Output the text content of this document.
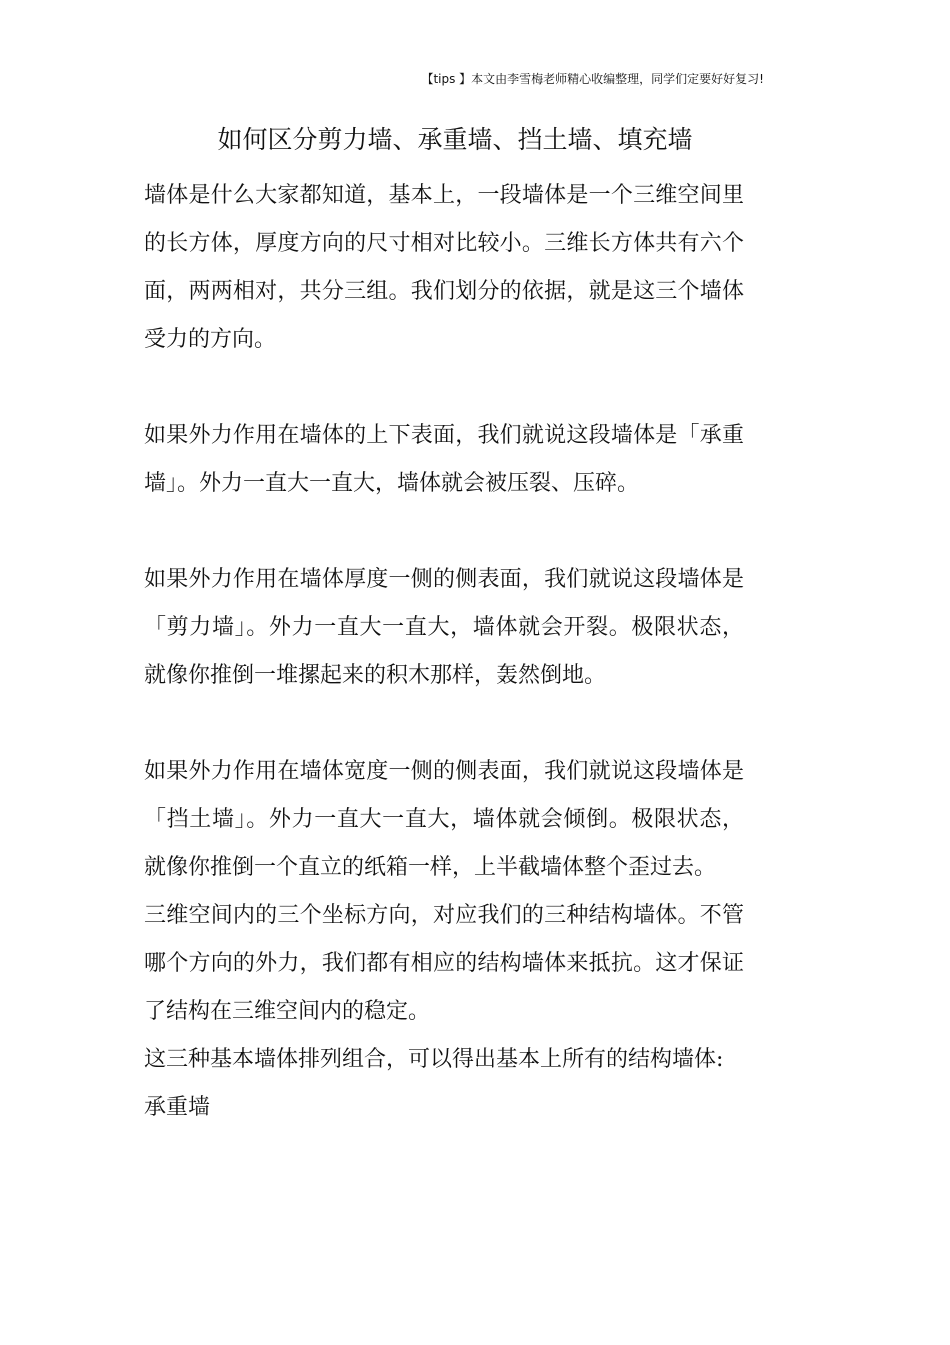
【tips 】本文由李雪梅老师精心收编整理，同学们定要好好复习!
如何区分剪力墙、承重墙、挡土墙、填充墙

墙体是什么大家都知道，基本上，一段墙体是一个三维空间里的长方体，厚度方向的尺寸相对比较小。三维长方体共有六个面，两两相对，共分三组。我们划分的依据，就是这三个墙体受力的方向。

如果外力作用在墙体的上下表面，我们就说这段墙体是「承重墙」。外力一直大一直大，墙体就会被压裂、压碎。

如果外力作用在墙体厚度一侧的侧表面，我们就说这段墙体是「剪力墙」。外力一直大一直大，墙体就会开裂。极限状态，就像你推倒一堆摞起来的积木那样，轰然倒地。

如果外力作用在墙体宽度一侧的侧表面，我们就说这段墙体是「挡土墙」。外力一直大一直大，墙体就会倾倒。极限状态，就像你推倒一个直立的纸箱一样，上半截墙体整个歪过去。

三维空间内的三个坐标方向，对应我们的三种结构墙体。不管哪个方向的外力，我们都有相应的结构墙体来抵抗。这才保证了结构在三维空间内的稳定。

这三种基本墙体排列组合，可以得出基本上所有的结构墙体:

承重墙
